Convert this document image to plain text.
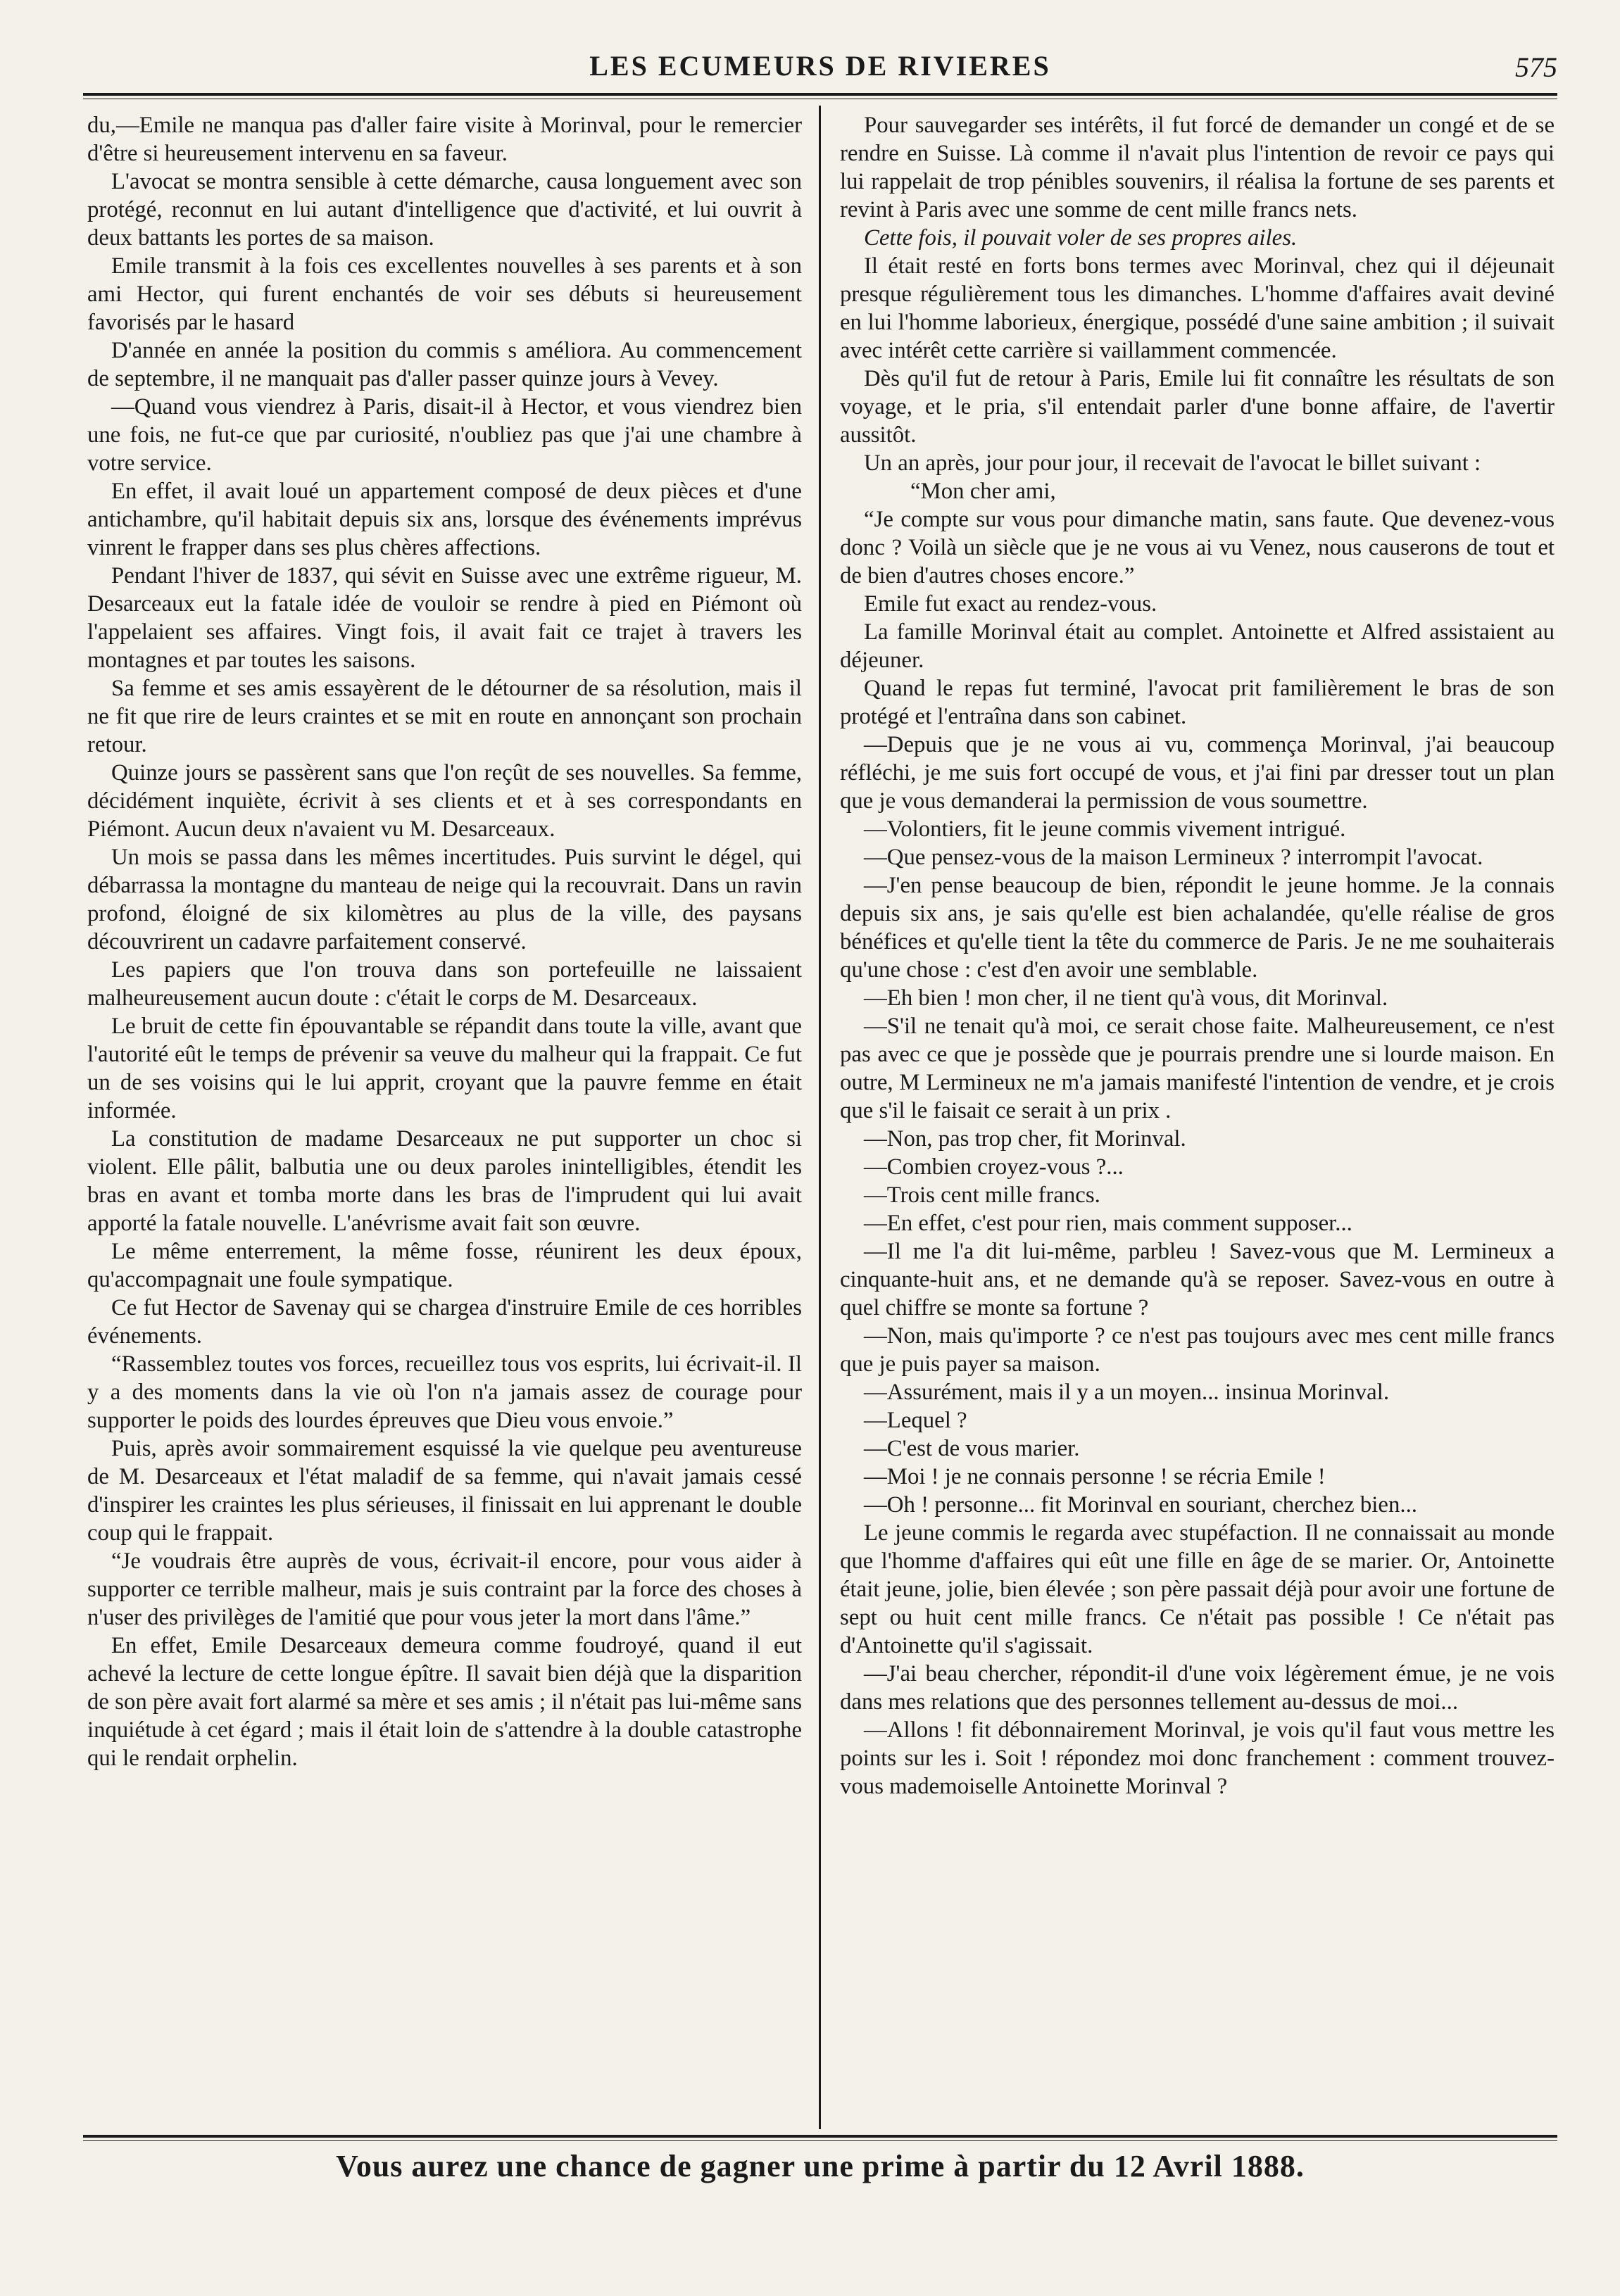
LES ECUMEURS DE RIVIERES	575

du,—Emile ne manqua pas d'aller faire visite à Morinval, pour le remercier d'être si heureusement intervenu en sa faveur.

L'avocat se montra sensible à cette démarche, causa longuement avec son protégé, reconnut en lui autant d'intelligence que d'activité, et lui ouvrit à deux battants les portes de sa maison.

Emile transmit à la fois ces excellentes nouvelles à ses parents et à son ami Hector, qui furent enchantés de voir ses débuts si heureusement favorisés par le hasard

D'année en année la position du commis s améliora. Au commencement de septembre, il ne manquait pas d'aller passer quinze jours à Vevey.

—Quand vous viendrez à Paris, disait-il à Hector, et vous viendrez bien une fois, ne fut-ce que par curiosité, n'oubliez pas que j'ai une chambre à votre service.

En effet, il avait loué un appartement composé de deux pièces et d'une antichambre, qu'il habitait depuis six ans, lorsque des événements imprévus vinrent le frapper dans ses plus chères affections.

Pendant l'hiver de 1837, qui sévit en Suisse avec une extrême rigueur, M. Desarceaux eut la fatale idée de vouloir se rendre à pied en Piémont où l'appelaient ses affaires. Vingt fois, il avait fait ce trajet à travers les montagnes et par toutes les saisons.

Sa femme et ses amis essayèrent de le détourner de sa résolution, mais il ne fit que rire de leurs craintes et se mit en route en annonçant son prochain retour.

Quinze jours se passèrent sans que l'on reçût de ses nouvelles. Sa femme, décidément inquiète, écrivit à ses clients et et à ses correspondants en Piémont. Aucun deux n'avaient vu M. Desarceaux.

Un mois se passa dans les mêmes incertitudes. Puis survint le dégel, qui débarrassa la montagne du manteau de neige qui la recouvrait. Dans un ravin profond, éloigné de six kilomètres au plus de la ville, des paysans découvrirent un cadavre parfaitement conservé.

Les papiers que l'on trouva dans son portefeuille ne laissaient malheureusement aucun doute : c'était le corps de M. Desarceaux.

Le bruit de cette fin épouvantable se répandit dans toute la ville, avant que l'autorité eût le temps de prévenir sa veuve du malheur qui la frappait. Ce fut un de ses voisins qui le lui apprit, croyant que la pauvre femme en était informée.

La constitution de madame Desarceaux ne put supporter un choc si violent. Elle pâlit, balbutia une ou deux paroles inintelligibles, étendit les bras en avant et tomba morte dans les bras de l'imprudent qui lui avait apporté la fatale nouvelle. L'anévrisme avait fait son œuvre.

Le même enterrement, la même fosse, réunirent les deux époux, qu'accompagnait une foule sympatique.

Ce fut Hector de Savenay qui se chargea d'instruire Emile de ces horribles événements.

“Rassemblez toutes vos forces, recueillez tous vos esprits, lui écrivait-il. Il y a des moments dans la vie où l'on n'a jamais assez de courage pour supporter le poids des lourdes épreuves que Dieu vous envoie.”

Puis, après avoir sommairement esquissé la vie quelque peu aventureuse de M. Desarceaux et l'état maladif de sa femme, qui n'avait jamais cessé d'inspirer les craintes les plus sérieuses, il finissait en lui apprenant le double coup qui le frappait.

“Je voudrais être auprès de vous, écrivait-il encore, pour vous aider à supporter ce terrible malheur, mais je suis contraint par la force des choses à n'user des privilèges de l'amitié que pour vous jeter la mort dans l'âme.”

En effet, Emile Desarceaux demeura comme foudroyé, quand il eut achevé la lecture de cette longue épître. Il savait bien déjà que la disparition de son père avait fort alarmé sa mère et ses amis ; il n'était pas lui-même sans inquiétude à cet égard ; mais il était loin de s'attendre à la double catastrophe qui le rendait orphelin.

Pour sauvegarder ses intérêts, il fut forcé de demander un congé et de se rendre en Suisse. Là comme il n'avait plus l'intention de revoir ce pays qui lui rappelait de trop pénibles souvenirs, il réalisa la fortune de ses parents et revint à Paris avec une somme de cent mille francs nets.

Cette fois, il pouvait voler de ses propres ailes.

Il était resté en forts bons termes avec Morinval, chez qui il déjeunait presque régulièrement tous les dimanches. L'homme d'affaires avait deviné en lui l'homme laborieux, énergique, possédé d'une saine ambition ; il suivait avec intérêt cette carrière si vaillamment commencée.

Dès qu'il fut de retour à Paris, Emile lui fit connaître les résultats de son voyage, et le pria, s'il entendait parler d'une bonne affaire, de l'avertir aussitôt.

Un an après, jour pour jour, il recevait de l'avocat le billet suivant :

“Mon cher ami,

“Je compte sur vous pour dimanche matin, sans faute. Que devenez-vous donc ? Voilà un siècle que je ne vous ai vu Venez, nous causerons de tout et de bien d'autres choses encore.”

Emile fut exact au rendez-vous.

La famille Morinval était au complet. Antoinette et Alfred assistaient au déjeuner.

Quand le repas fut terminé, l'avocat prit familièrement le bras de son protégé et l'entraîna dans son cabinet.

—Depuis que je ne vous ai vu, commença Morinval, j'ai beaucoup réfléchi, je me suis fort occupé de vous, et j'ai fini par dresser tout un plan que je vous demanderai la permission de vous soumettre.

—Volontiers, fit le jeune commis vivement intrigué.

—Que pensez-vous de la maison Lermineux ? interrompit l'avocat.

—J'en pense beaucoup de bien, répondit le jeune homme. Je la connais depuis six ans, je sais qu'elle est bien achalandée, qu'elle réalise de gros bénéfices et qu'elle tient la tête du commerce de Paris. Je ne me souhaiterais qu'une chose : c'est d'en avoir une semblable.

—Eh bien ! mon cher, il ne tient qu'à vous, dit Morinval.

—S'il ne tenait qu'à moi, ce serait chose faite. Malheureusement, ce n'est pas avec ce que je possède que je pourrais prendre une si lourde maison. En outre, M Lermineux ne m'a jamais manifesté l'intention de vendre, et je crois que s'il le faisait ce serait à un prix .

—Non, pas trop cher, fit Morinval.

—Combien croyez-vous ?...

—Trois cent mille francs.

—En effet, c'est pour rien, mais comment supposer...

—Il me l'a dit lui-même, parbleu ! Savez-vous que M. Lermineux a cinquante-huit ans, et ne demande qu'à se reposer. Savez-vous en outre à quel chiffre se monte sa fortune ?

—Non, mais qu'importe ? ce n'est pas toujours avec mes cent mille francs que je puis payer sa maison.

—Assurément, mais il y a un moyen... insinua Morinval.

—Lequel ?

—C'est de vous marier.

—Moi ! je ne connais personne ! se récria Emile !

—Oh ! personne... fit Morinval en souriant, cherchez bien...

Le jeune commis le regarda avec stupéfaction. Il ne connaissait au monde que l'homme d'affaires qui eût une fille en âge de se marier. Or, Antoinette était jeune, jolie, bien élevée ; son père passait déjà pour avoir une fortune de sept ou huit cent mille francs. Ce n'était pas possible ! Ce n'était pas d'Antoinette qu'il s'agissait.

—J'ai beau chercher, répondit-il d'une voix légèrement émue, je ne vois dans mes relations que des personnes tellement au-dessus de moi...

—Allons ! fit débonnairement Morinval, je vois qu'il faut vous mettre les points sur les i. Soit ! répondez moi donc franchement : comment trouvez-vous mademoiselle Antoinette Morinval ?

Vous aurez une chance de gagner une prime à partir du 12 Avril 1888.
